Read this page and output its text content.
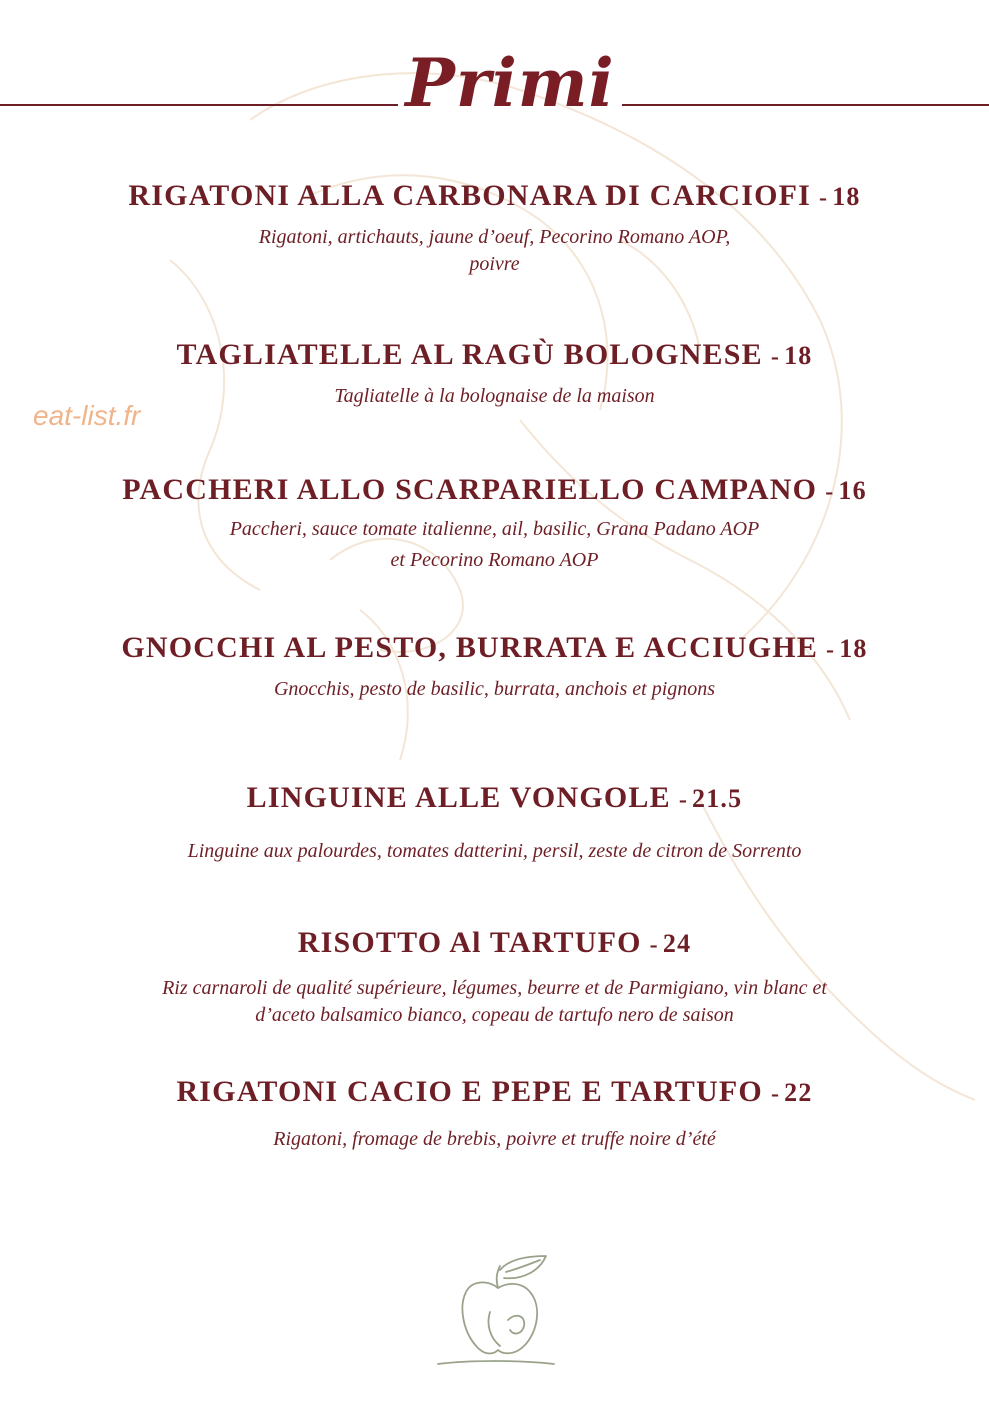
Primi
eat-list.fr
RIGATONI ALLA CARBONARA DI CARCIOFI - 18
Rigatoni, artichauts, jaune d’oeuf, Pecorino Romano AOP,
poivre
TAGLIATELLE AL RAGÙ BOLOGNESE - 18
Tagliatelle à la bolognaise de la maison
PACCHERI ALLO SCARPARIELLO CAMPANO - 16
Paccheri, sauce tomate italienne, ail, basilic, Grana Padano AOP
et Pecorino Romano AOP
GNOCCHI AL PESTO, BURRATA E ACCIUGHE - 18
Gnocchis, pesto de basilic, burrata, anchois et pignons
LINGUINE ALLE VONGOLE - 21.5
Linguine aux palourdes, tomates datterini, persil, zeste de citron de Sorrento
RISOTTO Al TARTUFO - 24
Riz carnaroli de qualité supérieure, légumes, beurre et de Parmigiano, vin blanc et
d’aceto balsamico bianco, copeau de tartufo nero de saison
RIGATONI CACIO E PEPE E TARTUFO - 22
Rigatoni, fromage de brebis, poivre et truffe noire d’été
